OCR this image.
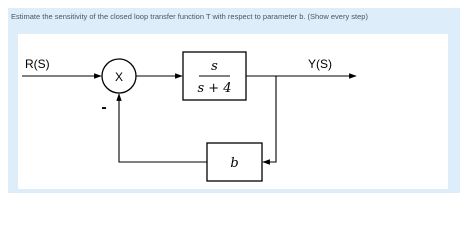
Estimate the sensitivity of the closed loop transfer function T with respect to parameter b. (Show every step)
R(S)
X
s
s + 4
Y(S)
b
-
